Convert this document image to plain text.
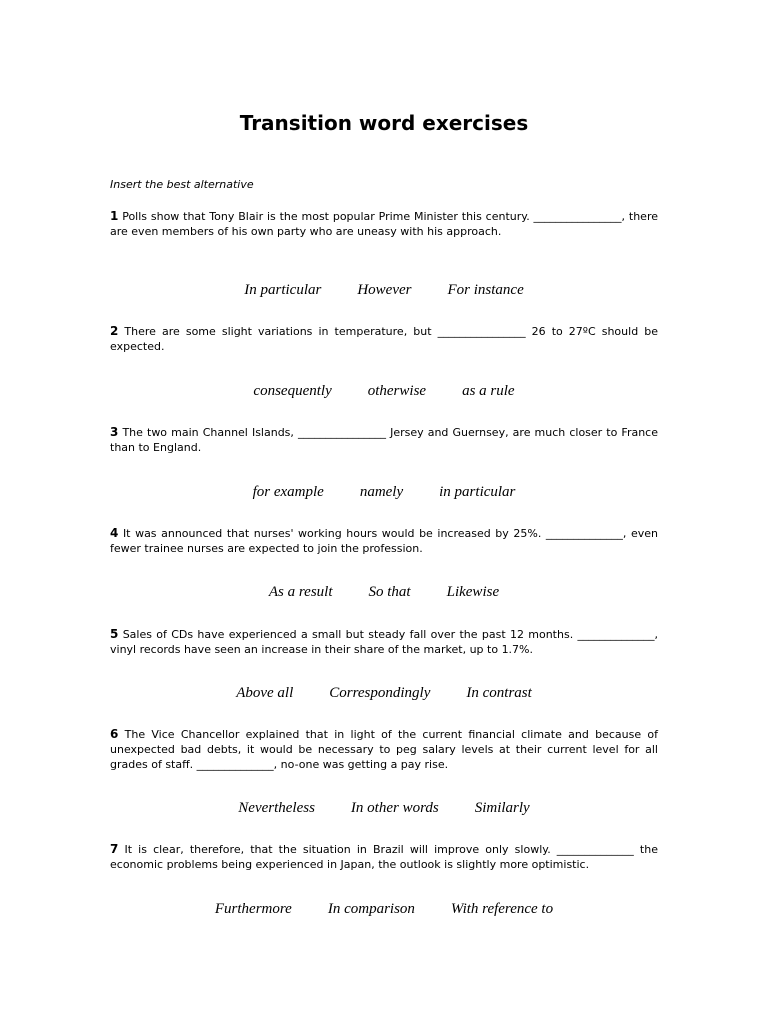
Transition word exercises
Insert the best alternative

1 Polls show that Tony Blair is the most popular Prime Minister this century. ________________, there are even members of his own party who are uneasy with his approach.

In particular However For instance

2 There are some slight variations in temperature, but ________________ 26 to 27ºC should be expected.

consequently otherwise as a rule

3 The two main Channel Islands, ________________ Jersey and Guernsey, are much closer to France than to England.

for example namely in particular

4 It was announced that nurses' working hours would be increased by 25%. ______________, even fewer trainee nurses are expected to join the profession.

As a result So that Likewise

5 Sales of CDs have experienced a small but steady fall over the past 12 months. ______________, vinyl records have seen an increase in their share of the market, up to 1.7%.

Above all Correspondingly In contrast

6 The Vice Chancellor explained that in light of the current financial climate and because of unexpected bad debts, it would be necessary to peg salary levels at their current level for all grades of staff. ______________, no-one was getting a pay rise.

Nevertheless In other words Similarly

7 It is clear, therefore, that the situation in Brazil will improve only slowly. ______________ the economic problems being experienced in Japan, the outlook is slightly more optimistic.

Furthermore In comparison With reference to
